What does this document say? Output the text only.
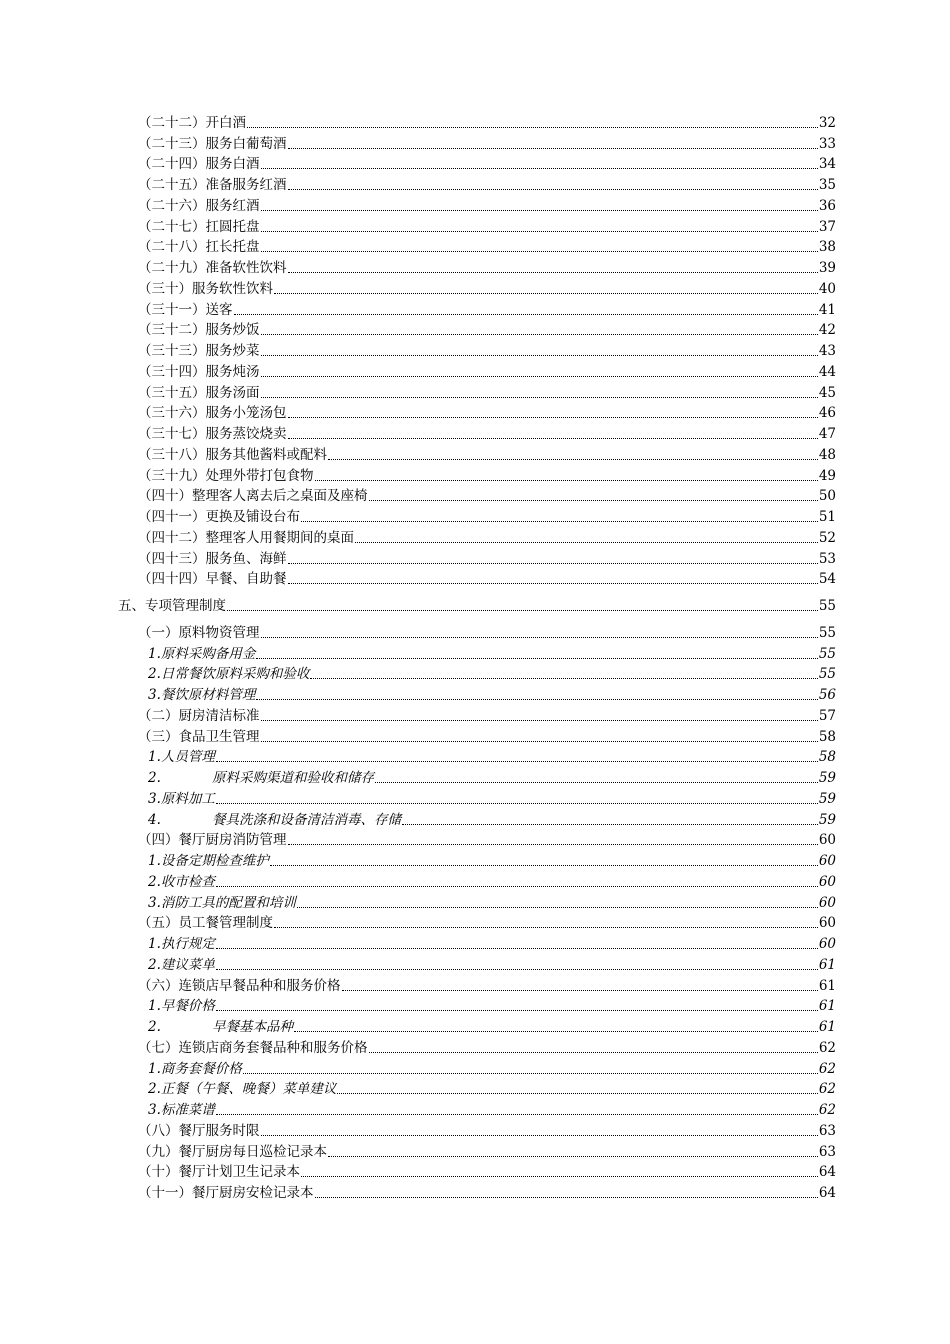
（二十二）开白酒	32
（二十三）服务白葡萄酒	33
（二十四）服务白酒	34
（二十五）准备服务红酒	35
（二十六）服务红酒	36
（二十七）扛圆托盘	37
（二十八）扛长托盘	38
（二十九）准备软性饮料	39
（三十）服务软性饮料	40
（三十一）送客	41
（三十二）服务炒饭	42
（三十三）服务炒菜	43
（三十四）服务炖汤	44
（三十五）服务汤面	45
（三十六）服务小笼汤包	46
（三十七）服务蒸饺烧卖	47
（三十八）服务其他酱料或配料	48
（三十九）处理外带打包食物	49
（四十）整理客人离去后之桌面及座椅	50
（四十一）更换及铺设台布	51
（四十二）整理客人用餐期间的桌面	52
（四十三）服务鱼、海鲜	53
（四十四）早餐、自助餐	54
五、专项管理制度	55
（一）原料物资管理	55
1.原料采购备用金	55
2.日常餐饮原料采购和验收	55
3.餐饮原材料管理	56
（二）厨房清洁标准	57
（三）食品卫生管理	58
1.人员管理	58
2.	原料采购渠道和验收和储存	59
3.原料加工	59
4.	餐具洗涤和设备清洁消毒、存储	59
（四）餐厅厨房消防管理	60
1.设备定期检查维护	60
2.收市检查	60
3.消防工具的配置和培训	60
（五）员工餐管理制度	60
1.执行规定	60
2.建议菜单	61
（六）连锁店早餐品种和服务价格	61
1.早餐价格	61
2.	早餐基本品种	61
（七）连锁店商务套餐品种和服务价格	62
1.商务套餐价格	62
2.正餐（午餐、晚餐）菜单建议	62
3.标准菜谱	62
（八）餐厅服务时限	63
（九）餐厅厨房每日巡检记录本	63
（十）餐厅计划卫生记录本	64
（十一）餐厅厨房安检记录本	64
